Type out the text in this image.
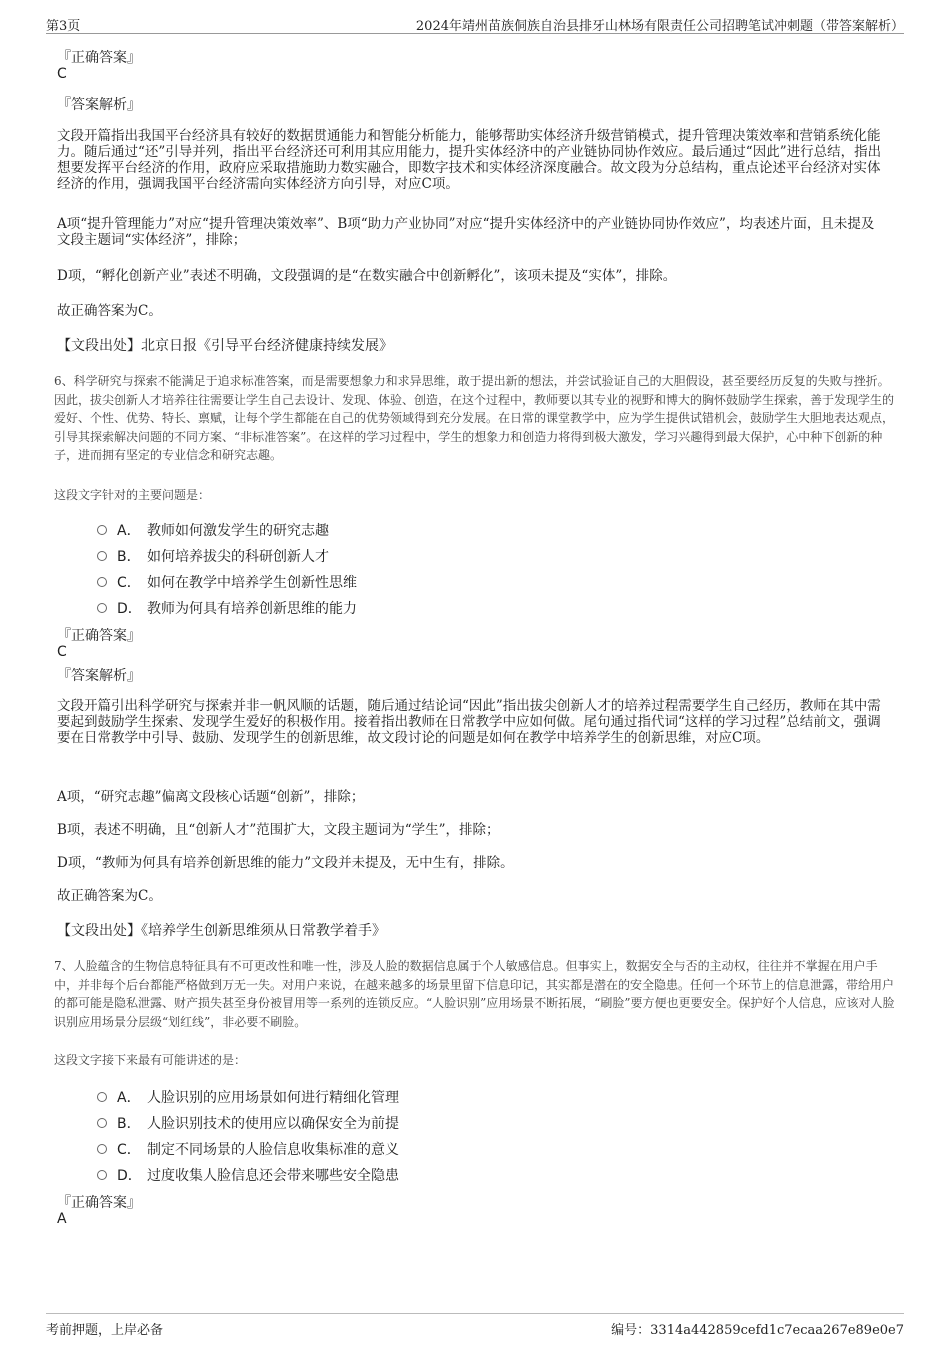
第3页	2024年靖州苗族侗族自治县排牙山林场有限责任公司招聘笔试冲刺题（带答案解析）
『正确答案』
C
『答案解析』
文段开篇指出我国平台经济具有较好的数据贯通能力和智能分析能力，能够帮助实体经济升级营销模式，提升管理决策效率和营销系统化能力。随后通过“还”引导并列，指出平台经济还可利用其应用能力，提升实体经济中的产业链协同协作效应。最后通过“因此”进行总结，指出想要发挥平台经济的作用，政府应采取措施助力数实融合，即数字技术和实体经济深度融合。故文段为分总结构，重点论述平台经济对实体经济的作用，强调我国平台经济需向实体经济方向引导，对应C项。
A项“提升管理能力”对应“提升管理决策效率”、B项“助力产业协同”对应“提升实体经济中的产业链协同协作效应”，均表述片面，且未提及文段主题词“实体经济”，排除；
D项，“孵化创新产业”表述不明确，文段强调的是“在数实融合中创新孵化”，该项未提及“实体”，排除。
故正确答案为C。
【文段出处】北京日报《引导平台经济健康持续发展》
6、科学研究与探索不能满足于追求标准答案，而是需要想象力和求异思维，敢于提出新的想法，并尝试验证自己的大胆假设，甚至要经历反复的失败与挫折。因此，拔尖创新人才培养往往需要让学生自己去设计、发现、体验、创造，在这个过程中，教师要以其专业的视野和博大的胸怀鼓励学生探索，善于发现学生的爱好、个性、优势、特长、禀赋，让每个学生都能在自己的优势领域得到充分发展。在日常的课堂教学中，应为学生提供试错机会，鼓励学生大胆地表达观点，引导其探索解决问题的不同方案、“非标准答案”。在这样的学习过程中，学生的想象力和创造力将得到极大激发，学习兴趣得到最大保护，心中种下创新的种子，进而拥有坚定的专业信念和研究志趣。
这段文字针对的主要问题是：
A． 教师如何激发学生的研究志趣
B． 如何培养拔尖的科研创新人才
C． 如何在教学中培养学生创新性思维
D． 教师为何具有培养创新思维的能力
『正确答案』
C
『答案解析』
文段开篇引出科学研究与探索并非一帆风顺的话题，随后通过结论词“因此”指出拔尖创新人才的培养过程需要学生自己经历，教师在其中需要起到鼓励学生探索、发现学生爱好的积极作用。接着指出教师在日常教学中应如何做。尾句通过指代词“这样的学习过程”总结前文，强调要在日常教学中引导、鼓励、发现学生的创新思维，故文段讨论的问题是如何在教学中培养学生的创新思维，对应C项。
A项，“研究志趣”偏离文段核心话题“创新”，排除；
B项，表述不明确，且“创新人才”范围扩大，文段主题词为“学生”，排除；
D项，“教师为何具有培养创新思维的能力”文段并未提及，无中生有，排除。
故正确答案为C。
【文段出处】《培养学生创新思维须从日常教学着手》
7、人脸蕴含的生物信息特征具有不可更改性和唯一性，涉及人脸的数据信息属于个人敏感信息。但事实上，数据安全与否的主动权，往往并不掌握在用户手中，并非每个后台都能严格做到万无一失。对用户来说，在越来越多的场景里留下信息印记，其实都是潜在的安全隐患。任何一个环节上的信息泄露，带给用户的都可能是隐私泄露、财产损失甚至身份被冒用等一系列的连锁反应。“人脸识别”应用场景不断拓展，“刷脸”要方便也更要安全。保护好个人信息，应该对人脸识别应用场景分层级“划红线”，非必要不刷脸。
这段文字接下来最有可能讲述的是：
A． 人脸识别的应用场景如何进行精细化管理
B． 人脸识别技术的使用应以确保安全为前提
C． 制定不同场景的人脸信息收集标准的意义
D． 过度收集人脸信息还会带来哪些安全隐患
『正确答案』
A
考前押题，上岸必备	编号：3314a442859cefd1c7ecaa267e89e0e7
